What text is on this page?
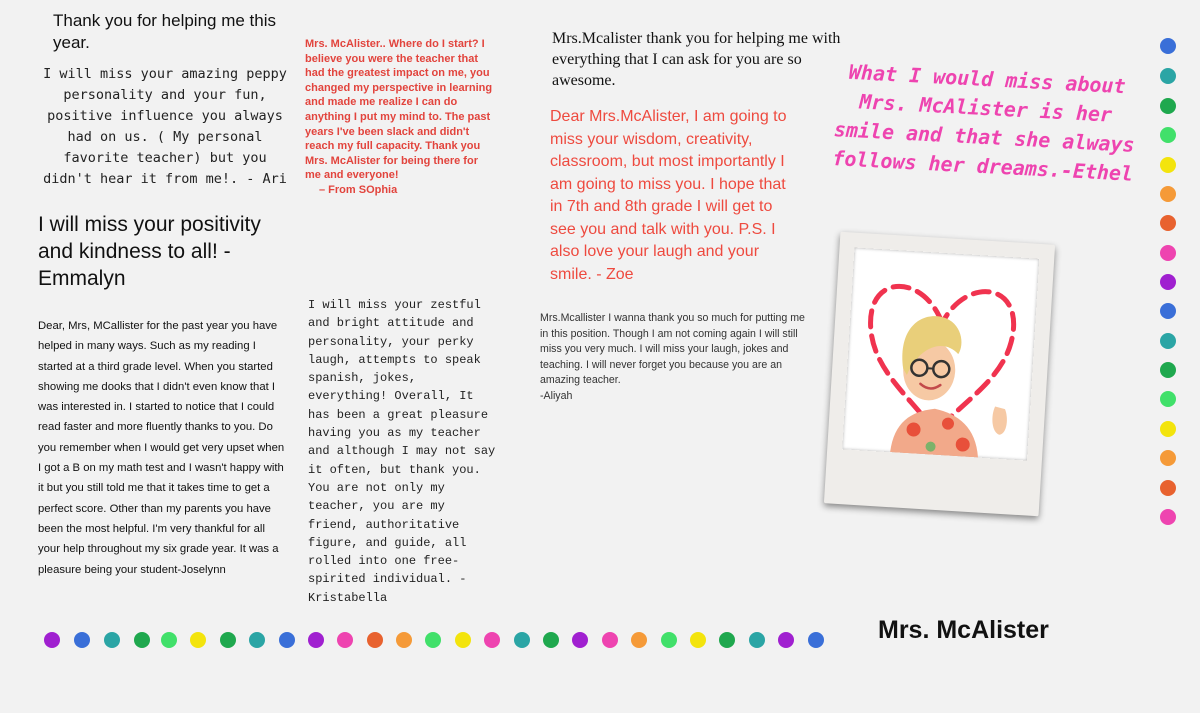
Thank you for helping me this year.

I will miss your amazing peppy personality and your fun, positive influence you always had on us. ( My personal favorite teacher) but you didn't hear it from me!. - Ari

I will miss your positivity and kindness to all! -Emmalyn

Dear, Mrs, MCallister for the past year you have helped in many ways. Such as my reading I started at a third grade level. When you started showing me dooks that I didn't even know that I was interested in. I started to notice that I could read faster and more fluently thanks to you. Do you remember when I would get very upset when I got a B on my math test and I wasn't happy with it but you still told me that it takes time to get a perfect score. Other than my parents you have been the most helpful. I'm very thankful for all your help throughout my six grade year. It was a pleasure being your student-Joselynn

Mrs. McAlister.. Where do I start? I believe you were the teacher that had the greatest impact on me, you changed my perspective in learning and made me realize I can do anything I put my mind to. The past years I've been slack and didn't reach my full capacity. Thank you Mrs. McAlister for being there for me and everyone!
– From SOphia

I will miss your zestful and bright attitude and personality, your perky laugh, attempts to speak spanish, jokes, everything! Overall, It has been a great pleasure having you as my teacher and although I may not say it often, but thank you. You are not only my teacher, you are my friend, authoritative figure, and guide, all rolled into one free- spirited individual. -Kristabella

Mrs.Mcalister thank you for helping me with everything that I can ask for you are so awesome.

Dear Mrs.McAlister, I am going to miss your wisdom, creativity, classroom, but most importantly I am going to miss you. I hope that in 7th and 8th grade I will get to see you and talk with you. P.S. I also love your laugh and your smile. - Zoe

Mrs.Mcallister I wanna thank you so much for putting me in this position. Though I am not coming again I will still miss you very much. I will miss your laugh, jokes and teaching. I will never forget you because you are an amazing teacher.
-Aliyah

What I would miss about Mrs. McAlister is her smile and that she always follows her dreams.-Ethel

Mrs. McAlister
